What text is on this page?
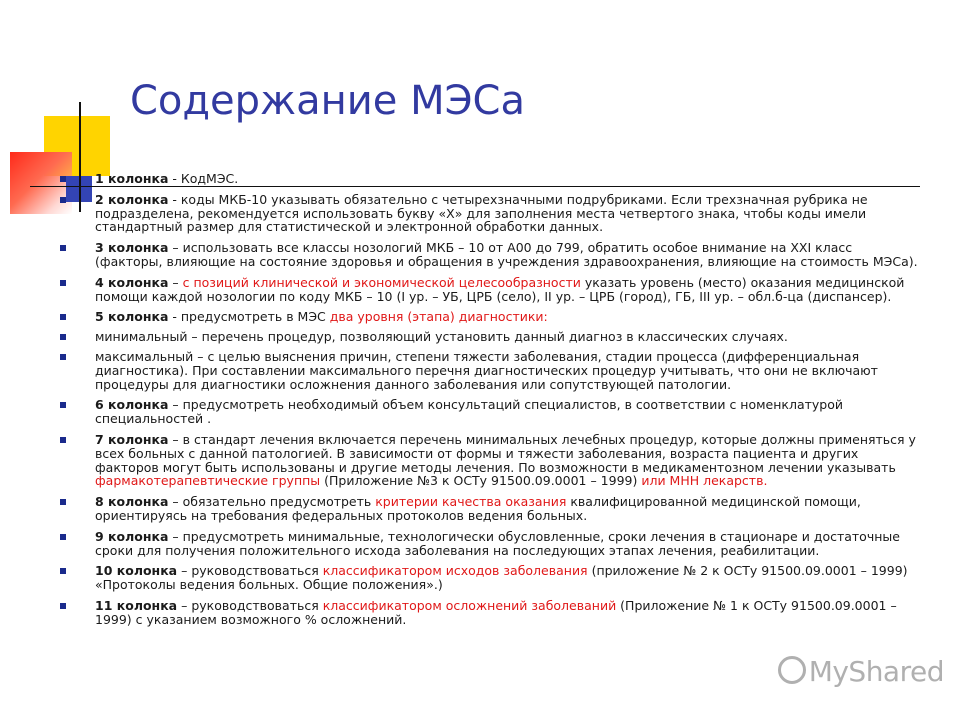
Содержание МЭСа
1 колонка - КодМЭС.
2 колонка - коды МКБ-10 указывать обязательно с четырехзначными подрубриками. Если трехзначная рубрика не подразделена, рекомендуется использовать букву «X» для заполнения места четвертого знака, чтобы коды имели стандартный размер для статистической и электронной обработки данных.
3 колонка – использовать все классы нозологий МКБ – 10 от А00 до 799, обратить особое внимание на XXI класс (факторы, влияющие на состояние здоровья и обращения в учреждения здравоохранения, влияющие на стоимость МЭСа).
4 колонка – с позиций клинической и экономической целесообразности указать уровень (место) оказания медицинской помощи каждой нозологии по коду МКБ – 10 (I ур. – УБ, ЦРБ (село), II ур. – ЦРБ (город), ГБ, III ур. – обл.б-ца (диспансер).
5 колонка - предусмотреть в МЭС два уровня (этапа) диагностики:
минимальный – перечень процедур, позволяющий установить данный диагноз в классических случаях.
максимальный – с целью выяснения причин, степени тяжести заболевания, стадии процесса (дифференциальная диагностика). При составлении максимального перечня диагностических процедур учитывать, что они не включают процедуры для диагностики осложнения данного заболевания или сопутствующей патологии.
6 колонка – предусмотреть необходимый объем консультаций специалистов, в соответствии с номенклатурой специальностей .
7 колонка – в стандарт лечения включается перечень минимальных лечебных процедур, которые должны применяться у всех больных с данной патологией. В зависимости от формы и тяжести заболевания, возраста пациента и других факторов могут быть использованы и другие методы лечения. По возможности в медикаментозном лечении указывать фармакотерапевтические группы (Приложение №3 к ОСТу 91500.09.0001 – 1999) или МНН лекарств.
8 колонка – обязательно предусмотреть критерии качества оказания квалифицированной медицинской помощи, ориентируясь на требования федеральных протоколов ведения больных.
9 колонка – предусмотреть минимальные, технологически обусловленные, сроки лечения в стационаре и достаточные сроки для получения положительного исхода заболевания на последующих этапах лечения, реабилитации.
10 колонка – руководствоваться классификатором исходов заболевания (приложение № 2 к ОСТу 91500.09.0001 – 1999) «Протоколы ведения больных. Общие положения».)
11 колонка – руководствоваться классификатором осложнений заболеваний (Приложение № 1 к ОСТу 91500.09.0001 – 1999) с указанием возможного % осложнений.
MyShared
